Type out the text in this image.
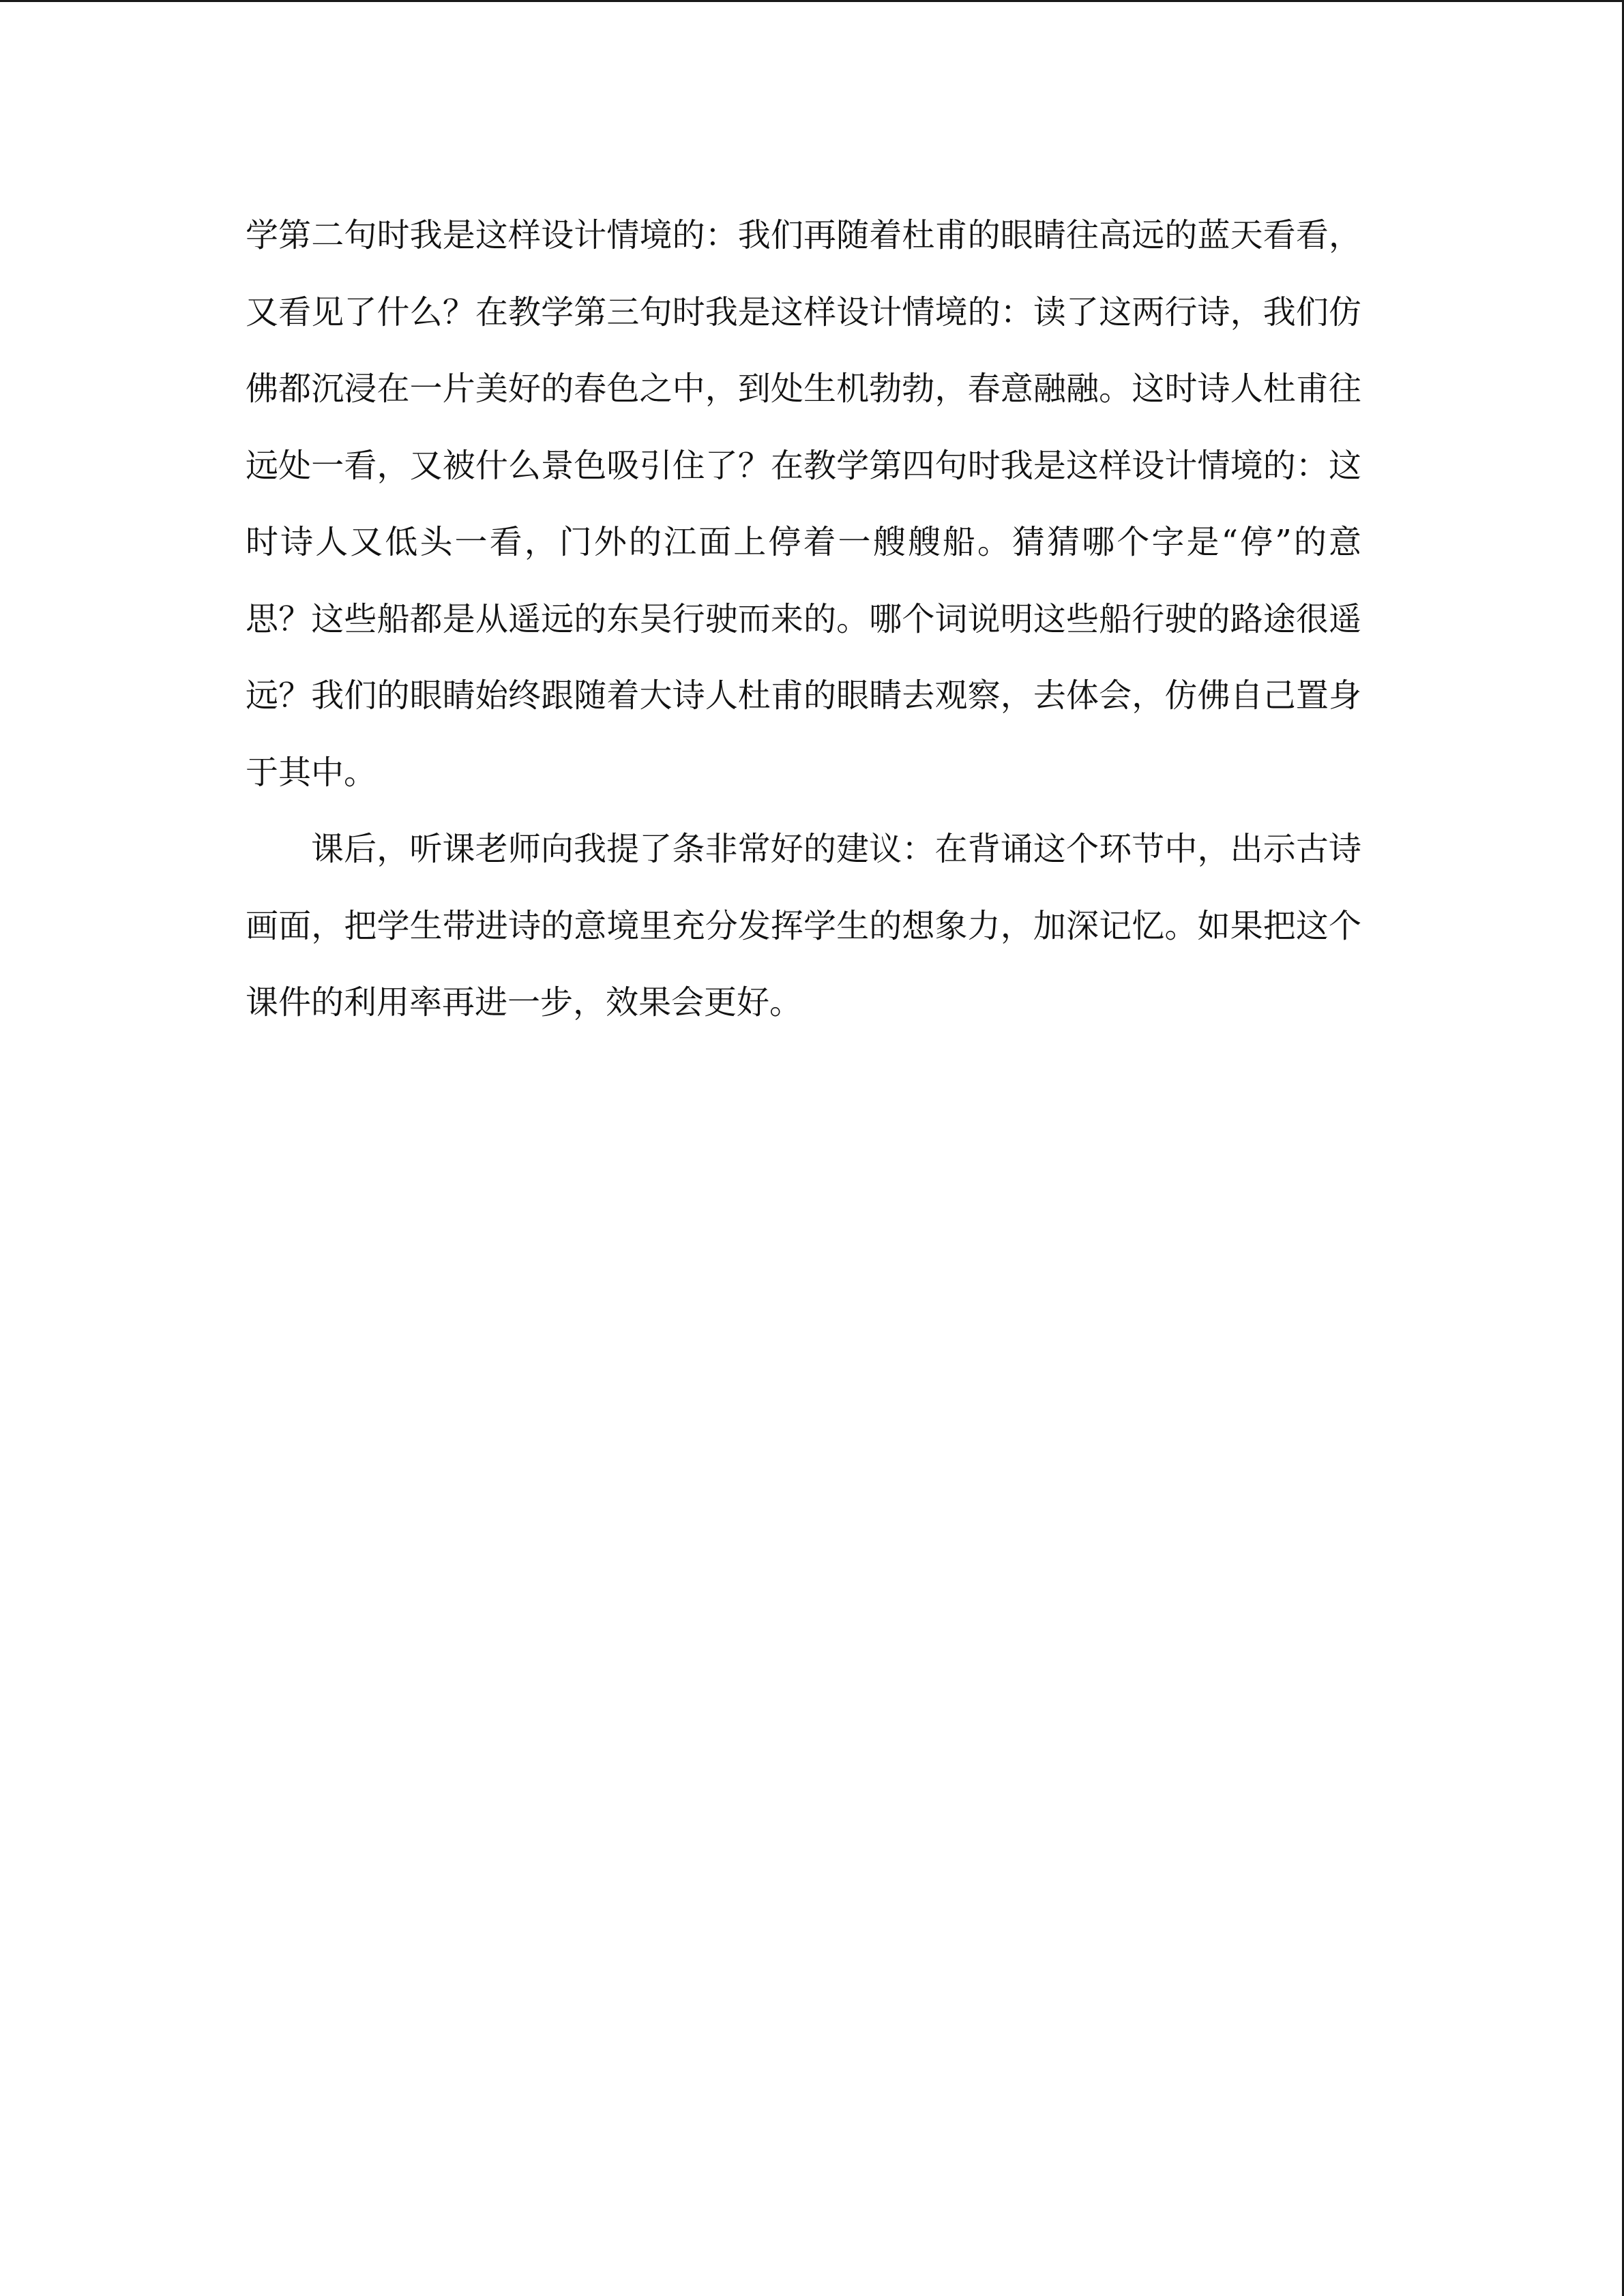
学第二句时我是这样设计情境的：我们再随着杜甫的眼睛往高远的蓝天看看，
又看见了什么？在教学第三句时我是这样设计情境的：读了这两行诗，我们仿
佛都沉浸在一片美好的春色之中，到处生机勃勃，春意融融。这时诗人杜甫往
远处一看，又被什么景色吸引住了？在教学第四句时我是这样设计情境的：这
时诗人又低头一看，门外的江面上停着一艘艘船。猜猜哪个字是“停”的意
思？这些船都是从遥远的东吴行驶而来的。哪个词说明这些船行驶的路途很遥
远？我们的眼睛始终跟随着大诗人杜甫的眼睛去观察，去体会，仿佛自己置身
于其中。
课后，听课老师向我提了条非常好的建议：在背诵这个环节中，出示古诗
画面，把学生带进诗的意境里充分发挥学生的想象力，加深记忆。如果把这个
课件的利用率再进一步，效果会更好。
